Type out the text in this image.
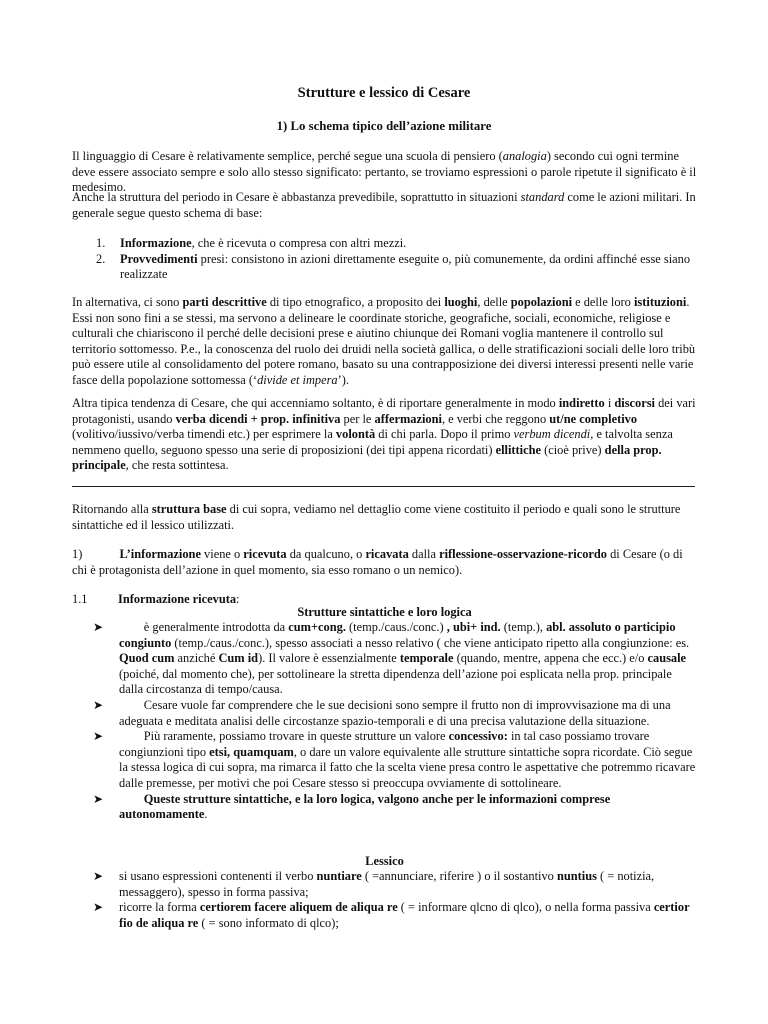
Strutture e lessico di Cesare
1) Lo schema tipico dell’azione militare

Il linguaggio di Cesare è relativamente semplice, perché segue una scuola di pensiero (analogia) secondo cui ogni termine deve essere associato sempre e solo allo stesso significato: pertanto, se troviamo espressioni o parole ripetute il significato è il medesimo.

Anche la struttura del periodo in Cesare è abbastanza prevedibile, soprattutto in situazioni standard come le azioni militari. In generale segue questo schema di base:

1. Informazione, che è ricevuta o compresa con altri mezzi.
2. Provvedimenti presi: consistono in azioni direttamente eseguite o, più comunemente, da ordini affinché esse siano realizzate

In alternativa, ci sono parti descrittive di tipo etnografico, a proposito dei luoghi, delle popolazioni e delle loro istituzioni. Essi non sono fini a se stessi, ma servono a delineare le coordinate storiche, geografiche, sociali, economiche, religiose e culturali che chiariscono il perché delle decisioni prese e aiutino chiunque dei Romani voglia mantenere il controllo sul territorio sottomesso. P.e., la conoscenza del ruolo dei druidi nella società gallica, o delle stratificazioni sociali delle loro tribù può essere utile al consolidamento del potere romano, basato su una contrapposizione dei diversi interessi presenti nelle varie fasce della popolazione sottomessa (‘divide et impera’).

Altra tipica tendenza di Cesare, che qui accenniamo soltanto, è di riportare generalmente in modo indiretto i discorsi dei vari protagonisti, usando verba dicendi + prop. infinitiva per le affermazioni, e verbi che reggono ut/ne completivo (volitivo/iussivo/verba timendi etc.) per esprimere la volontà di chi parla. Dopo il primo verbum dicendi, e talvolta senza nemmeno quello, seguono spesso una serie di proposizioni (dei tipi appena ricordati) ellittiche (cioè prive) della prop. principale, che resta sottintesa.

Ritornando alla struttura base di cui sopra, vediamo nel dettaglio come viene costituito il periodo e quali sono le strutture sintattiche ed il lessico utilizzati.

1)   L’informazione viene o ricevuta da qualcuno, o ricavata dalla riflessione-osservazione-ricordo di Cesare (o di chi è protagonista dell’azione in quel momento, sia esso romano o un nemico).

1.1 Informazione ricevuta:
Strutture sintattiche e loro logica
➤	  è generalmente introdotta da cum+cong. (temp./caus./conc.) , ubi+ ind. (temp.), abl. assoluto o participio congiunto (temp./caus./conc.), spesso associati a nesso relativo ( che viene anticipato ripetto alla congiunzione: es. Quod cum anziché Cum id). Il valore è essenzialmente temporale (quando, mentre, appena che ecc.) e/o causale (poiché, dal momento che), per sottolineare la stretta dipendenza dell’azione poi esplicata nella prop. principale dalla circostanza di tempo/causa.
➤	  Cesare vuole far comprendere che le sue decisioni sono sempre il frutto non di improvvisazione ma di una adeguata e meditata analisi delle circostanze spazio-temporali e di una precisa valutazione della situazione.
➤	  Più raramente, possiamo trovare in queste strutture un valore concessivo: in tal caso possiamo trovare congiunzioni tipo etsi, quamquam, o dare un valore equivalente alle strutture sintattiche sopra ricordate. Ciò segue la stessa logica di cui sopra, ma rimarca il fatto che la scelta viene presa contro le aspettative che potremmo ricavare dalle premesse, per motivi che poi Cesare stesso si preoccupa ovviamente di sottolineare.
➤	  Queste strutture sintattiche, e la loro logica, valgono anche per le informazioni comprese autonomamente.
Lessico
➤	si usano espressioni contenenti il verbo nuntiare ( =annunciare, riferire ) o il sostantivo nuntius ( = notizia, messaggero), spesso in forma passiva;
➤	ricorre la forma certiorem facere aliquem de aliqua re ( = informare qlcno di qlco), o nella forma passiva certior fio de aliqua re ( = sono informato di qlco);
